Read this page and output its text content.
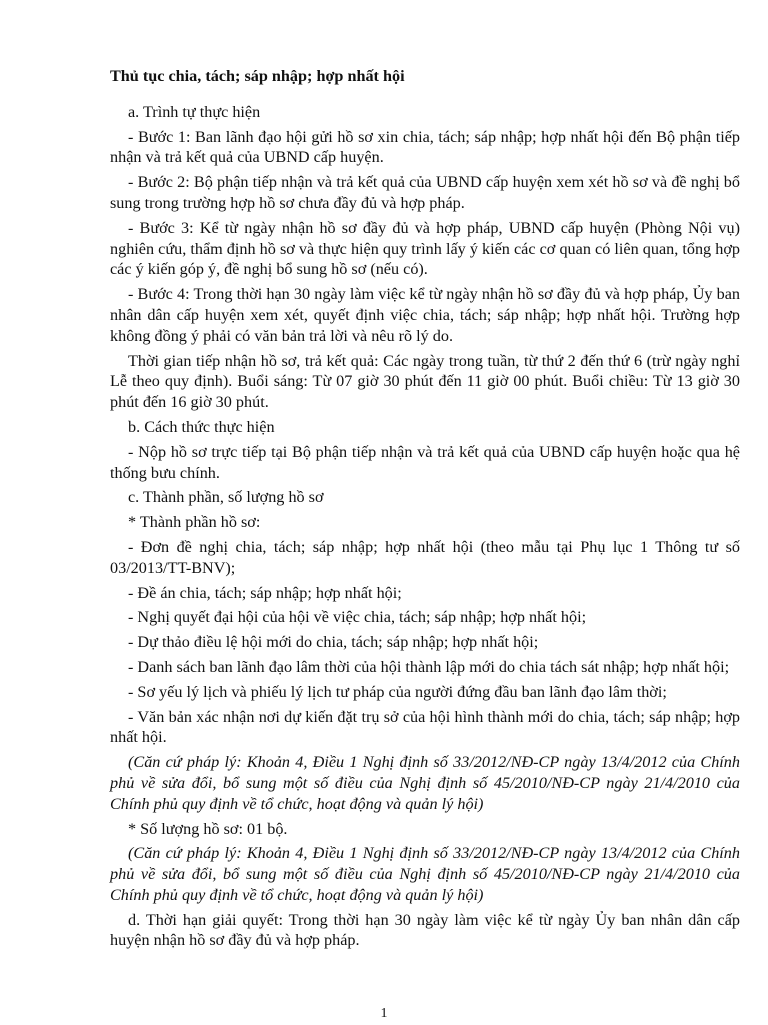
Thủ tục chia, tách; sáp nhập; hợp nhất hội
a. Trình tự thực hiện
- Bước 1: Ban lãnh đạo hội gửi hồ sơ xin chia, tách; sáp nhập; hợp nhất hội đến Bộ phận tiếp nhận và trả kết quả của UBND cấp huyện.
- Bước 2: Bộ phận tiếp nhận và trả kết quả của UBND cấp huyện xem xét hồ sơ và đề nghị bổ sung trong trường hợp hồ sơ chưa đầy đủ và hợp pháp.
- Bước 3: Kể từ ngày nhận hồ sơ đầy đủ và hợp pháp, UBND cấp huyện (Phòng Nội vụ) nghiên cứu, thẩm định hồ sơ và thực hiện quy trình lấy ý kiến các cơ quan có liên quan, tổng hợp các ý kiến góp ý, đề nghị bổ sung hồ sơ (nếu có).
- Bước 4: Trong thời hạn 30 ngày làm việc kể từ ngày nhận hồ sơ đầy đủ và hợp pháp, Ủy ban nhân dân cấp huyện xem xét, quyết định việc chia, tách; sáp nhập; hợp nhất hội. Trường hợp không đồng ý phải có văn bản trả lời và nêu rõ lý do.
Thời gian tiếp nhận hồ sơ, trả kết quả: Các ngày trong tuần, từ thứ 2 đến thứ 6 (trừ ngày nghỉ Lễ theo quy định). Buổi sáng: Từ 07 giờ 30 phút đến 11 giờ 00 phút. Buổi chiều: Từ 13 giờ 30 phút đến 16 giờ 30 phút.
b. Cách thức thực hiện
- Nộp hồ sơ trực tiếp tại Bộ phận tiếp nhận và trả kết quả của UBND cấp huyện hoặc qua hệ thống bưu chính.
c. Thành phần, số lượng hồ sơ
* Thành phần hồ sơ:
- Đơn đề nghị chia, tách; sáp nhập; hợp nhất hội (theo mẫu tại Phụ lục 1 Thông tư số 03/2013/TT-BNV);
- Đề án chia, tách; sáp nhập; hợp nhất hội;
- Nghị quyết đại hội của hội về việc chia, tách; sáp nhập; hợp nhất hội;
- Dự thảo điều lệ hội mới do chia, tách; sáp nhập; hợp nhất hội;
- Danh sách ban lãnh đạo lâm thời của hội thành lập mới do chia tách sát nhập; hợp nhất hội;
- Sơ yếu lý lịch và phiếu lý lịch tư pháp của người đứng đầu ban lãnh đạo lâm thời;
- Văn bản xác nhận nơi dự kiến đặt trụ sở của hội hình thành mới do chia, tách; sáp nhập; hợp nhất hội.
(Căn cứ pháp lý: Khoản 4, Điều 1 Nghị định số 33/2012/NĐ-CP ngày 13/4/2012 của Chính phủ về sửa đổi, bổ sung một số điều của Nghị định số 45/2010/NĐ-CP ngày 21/4/2010 của Chính phủ quy định về tổ chức, hoạt động và quản lý hội)
* Số lượng hồ sơ: 01 bộ.
(Căn cứ pháp lý: Khoản 4, Điều 1 Nghị định số 33/2012/NĐ-CP ngày 13/4/2012 của Chính phủ về sửa đổi, bổ sung một số điều của Nghị định số 45/2010/NĐ-CP ngày 21/4/2010 của Chính phủ quy định về tổ chức, hoạt động và quản lý hội)
d. Thời hạn giải quyết: Trong thời hạn 30 ngày làm việc kể từ ngày Ủy ban nhân dân cấp huyện nhận hồ sơ đầy đủ và hợp pháp.
1
